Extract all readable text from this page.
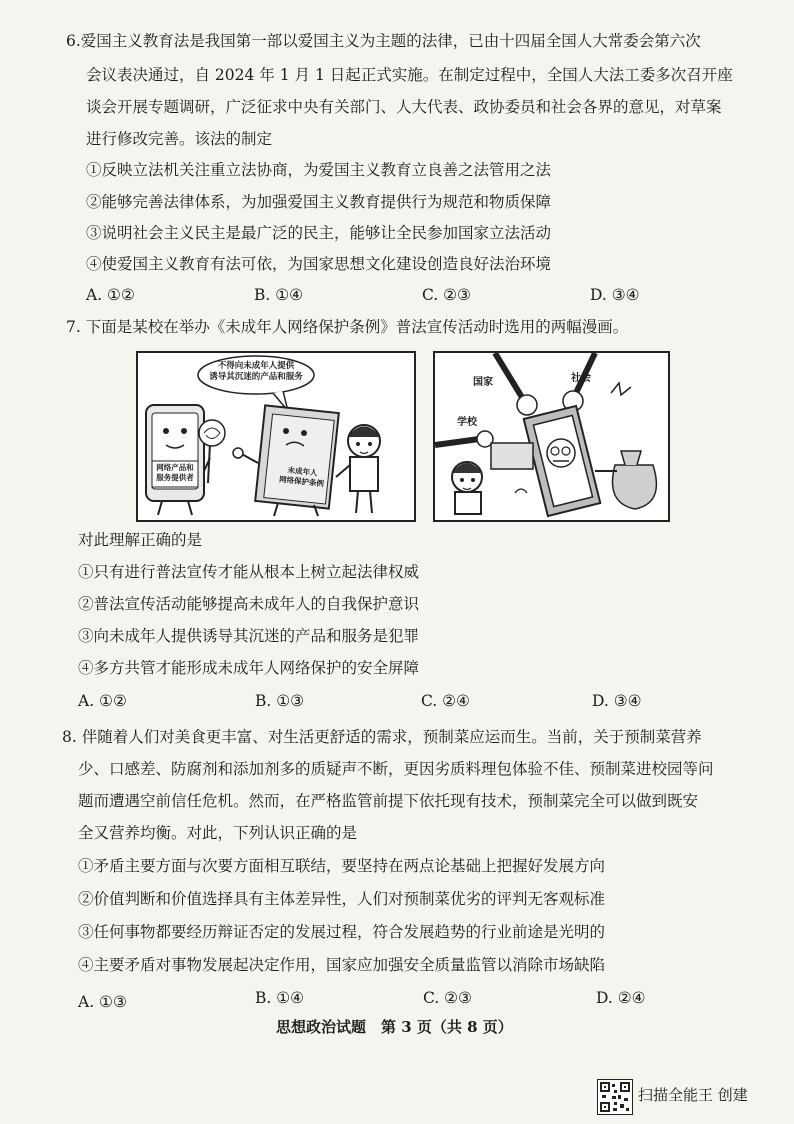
6.爱国主义教育法是我国第一部以爱国主义为主题的法律，已由十四届全国人大常委会第六次
会议表决通过，自 2024 年 1 月 1 日起正式实施。在制定过程中，全国人大法工委多次召开座
谈会开展专题调研，广泛征求中央有关部门、人大代表、政协委员和社会各界的意见，对草案
进行修改完善。该法的制定
①反映立法机关注重立法协商，为爱国主义教育立良善之法管用之法
②能够完善法律体系，为加强爱国主义教育提供行为规范和物质保障
③说明社会主义民主是最广泛的民主，能够让全民参加国家立法活动
④使爱国主义教育有法可依，为国家思想文化建设创造良好法治环境
A. ①②	B. ①④	C. ②③	D. ③④
7. 下面是某校在举办《未成年人网络保护条例》普法宣传活动时选用的两幅漫画。
不得向未成年人提供
诱导其沉迷的产品和服务
未成年人
网络保护条例
网络产品和
服务提供者
国家	社会
学校
对此理解正确的是
①只有进行普法宣传才能从根本上树立起法律权威
②普法宣传活动能够提高未成年人的自我保护意识
③向未成年人提供诱导其沉迷的产品和服务是犯罪
④多方共管才能形成未成年人网络保护的安全屏障
A. ①②	B. ①③	C. ②④	D. ③④
8. 伴随着人们对美食更丰富、对生活更舒适的需求，预制菜应运而生。当前，关于预制菜营养
少、口感差、防腐剂和添加剂多的质疑声不断，更因劣质料理包体验不佳、预制菜进校园等问
题而遭遇空前信任危机。然而，在严格监管前提下依托现有技术，预制菜完全可以做到既安
全又营养均衡。对此，下列认识正确的是
①矛盾主要方面与次要方面相互联结，要坚持在两点论基础上把握好发展方向
②价值判断和价值选择具有主体差异性，人们对预制菜优劣的评判无客观标准
③任何事物都要经历辩证否定的发展过程，符合发展趋势的行业前途是光明的
④主要矛盾对事物发展起决定作用，国家应加强安全质量监管以消除市场缺陷
A. ①③	B. ①④	C. ②③	D. ②④
思想政治试题　第 3 页（共 8 页）
扫描全能王 创建
